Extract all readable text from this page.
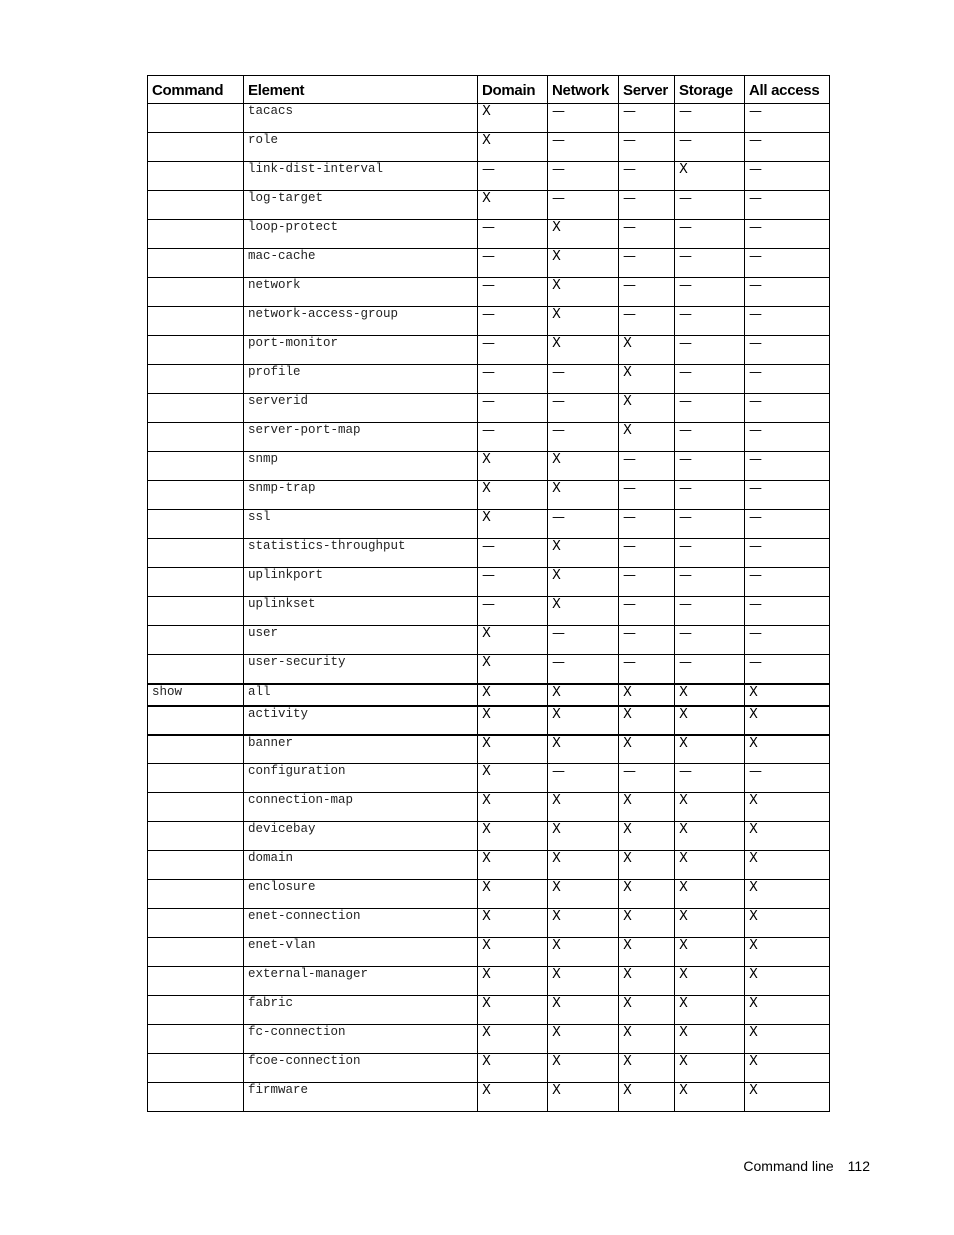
Command	Element	Domain	Network	Server	Storage	All access
	tacacs	X	—	—	—	—
	role	X	—	—	—	—
	link-dist-interval	—	—	—	X	—
	log-target	X	—	—	—	—
	loop-protect	—	X	—	—	—
	mac-cache	—	X	—	—	—
	network	—	X	—	—	—
	network-access-group	—	X	—	—	—
	port-monitor	—	X	X	—	—
	profile	—	—	X	—	—
	serverid	—	—	X	—	—
	server-port-map	—	—	X	—	—
	snmp	X	X	—	—	—
	snmp-trap	X	X	—	—	—
	ssl	X	—	—	—	—
	statistics-throughput	—	X	—	—	—
	uplinkport	—	X	—	—	—
	uplinkset	—	X	—	—	—
	user	X	—	—	—	—
	user-security	X	—	—	—	—
show	all	X	X	X	X	X
	activity	X	X	X	X	X
	banner	X	X	X	X	X
	configuration	X	—	—	—	—
	connection-map	X	X	X	X	X
	devicebay	X	X	X	X	X
	domain	X	X	X	X	X
	enclosure	X	X	X	X	X
	enet-connection	X	X	X	X	X
	enet-vlan	X	X	X	X	X
	external-manager	X	X	X	X	X
	fabric	X	X	X	X	X
	fc-connection	X	X	X	X	X
	fcoe-connection	X	X	X	X	X
	firmware	X	X	X	X	X
Command line 112
